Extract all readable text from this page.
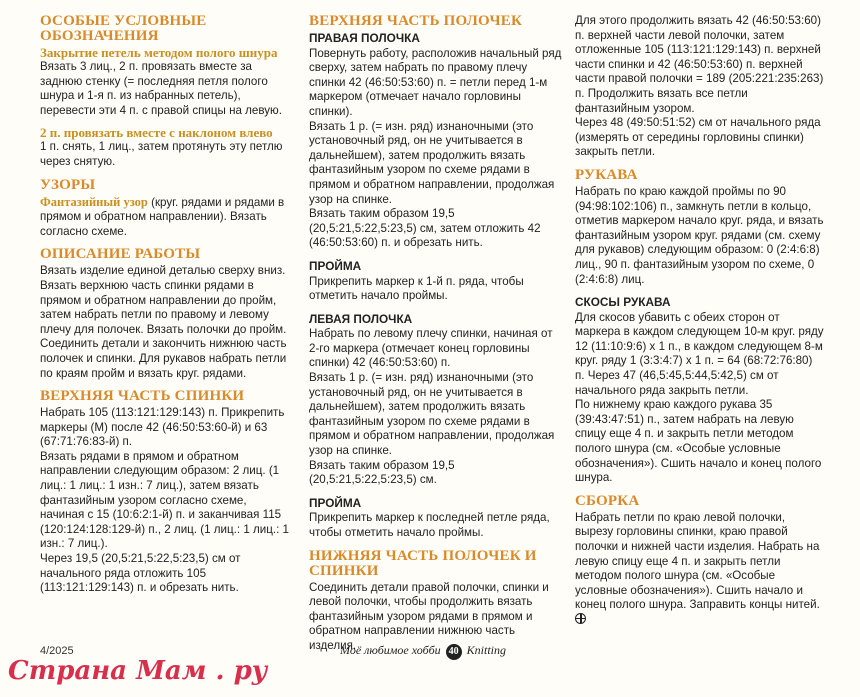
ОСОБЫЕ УСЛОВНЫЕ ОБОЗНАЧЕНИЯ
Закрытие петель методом полого шнура

Вязать 3 лиц., 2 п. провязать вместе за заднюю стенку (= последняя петля полого шнура и 1-я п. из набранных петель), перевести эти 4 п. с правой спицы на левую.

2 п. провязать вместе с наклоном влево

1 п. снять, 1 лиц., затем протянуть эту петлю через снятую.

УЗОРЫ

Фантазийный узор (круг. рядами и рядами в прямом и обратном направлении). Вязать согласно схеме.

ОПИСАНИЕ РАБОТЫ

Вязать изделие единой деталью сверху вниз. Вязать верхнюю часть спинки рядами в прямом и обратном направлении до пройм, затем набрать петли по правому и левому плечу для полочек. Вязать полочки до пройм. Соединить детали и закончить нижнюю часть полочек и спинки. Для рукавов набрать петли по краям пройм и вязать круг. рядами.

ВЕРХНЯЯ ЧАСТЬ СПИНКИ

Набрать 105 (113:121:129:143) п. Прикрепить маркеры (М) после 42 (46:50:53:60-й) и 63 (67:71:76:83-й) п.

Вязать рядами в прямом и обратном направлении следующим образом: 2 лиц. (1 лиц.: 1 лиц.: 1 изн.: 7 лиц.), затем вязать фантазийным узором согласно схеме, начиная с 15 (10:6:2:1-й) п. и заканчивая 115 (120:124:128:129-й) п., 2 лиц. (1 лиц.: 1 лиц.: 1 изн.: 7 лиц.).

Через 19,5 (20,5:21,5:22,5:23,5) см от начального ряда отложить 105 (113:121:129:143) п. и обрезать нить.

ВЕРХНЯЯ ЧАСТЬ ПОЛОЧЕК
ПРАВАЯ ПОЛОЧКА

Повернуть работу, расположив начальный ряд сверху, затем набрать по правому плечу спинки 42 (46:50:53:60) п. = петли перед 1-м маркером (отмечает начало горловины спинки).

Вязать 1 р. (= изн. ряд) изнаночными (это установочный ряд, он не учитывается в дальнейшем), затем продолжить вязать фантазийным узором по схеме рядами в прямом и обратном направлении, продолжая узор на спинке.

Вязать таким образом 19,5 (20,5:21,5:22,5:23,5) см, затем отложить 42 (46:50:53:60) п. и обрезать нить.

ПРОЙМА

Прикрепить маркер к 1-й п. ряда, чтобы отметить начало проймы.

ЛЕВАЯ ПОЛОЧКА

Набрать по левому плечу спинки, начиная от 2-го маркера (отмечает конец горловины спинки) 42 (46:50:53:60) п.

Вязать 1 р. (= изн. ряд) изнаночными (это установочный ряд, он не учитывается в дальнейшем), затем продолжить вязать фантазийным узором по схеме рядами в прямом и обратном направлении, продолжая узор на спинке.

Вязать таким образом 19,5 (20,5:21,5:22,5:23,5) см.

ПРОЙМА

Прикрепить маркер к последней петле ряда, чтобы отметить начало проймы.

НИЖНЯЯ ЧАСТЬ ПОЛОЧЕК И СПИНКИ

Соединить детали правой полочки, спинки и левой полочки, чтобы продолжить вязать фантазийным узором рядами в прямом и обратном направлении нижнюю часть изделия.

Для этого продолжить вязать 42 (46:50:53:60) п. верхней части левой полочки, затем отложенные 105 (113:121:129:143) п. верхней части спинки и 42 (46:50:53:60) п. верхней части правой полочки = 189 (205:221:235:263) п. Продолжить вязать все петли фантазийным узором.

Через 48 (49:50:51:52) см от начального ряда (измерять от середины горловины спинки) закрыть петли.

РУКАВА

Набрать по краю каждой проймы по 90 (94:98:102:106) п., замкнуть петли в кольцо, отметив маркером начало круг. ряда, и вязать фантазийным узором круг. рядами (см. схему для рукавов) следующим образом: 0 (2:4:6:8) лиц., 90 п. фантазийным узором по схеме, 0 (2:4:6:8) лиц.

СКОСЫ РУКАВА

Для скосов убавить с обеих сторон от маркера в каждом следующем 10-м круг. ряду 12 (11:10:9:6) х 1 п., в каждом следующем 8-м круг. ряду 1 (3:3:4:7) х 1 п. = 64 (68:72:76:80) п. Через 47 (46,5:45,5:44,5:42,5) см от начального ряда закрыть петли.

По нижнему краю каждого рукава 35 (39:43:47:51) п., затем набрать на левую спицу еще 4 п. и закрыть петли методом полого шнура (см. «Особые условные обозначения»). Сшить начало и конец полого шнура.

СБОРКА

Набрать петли по краю левой полочки, вырезу горловины спинки, краю правой полочки и нижней части изделия. Набрать на левую спицу еще 4 п. и закрыть петли методом полого шнура (см. «Особые условные обозначения»). Сшить начало и конец полого шнура. Заправить концы нитей.

4/2025	Моё любимое хобби 40 Knitting
Страна Мам . ру
